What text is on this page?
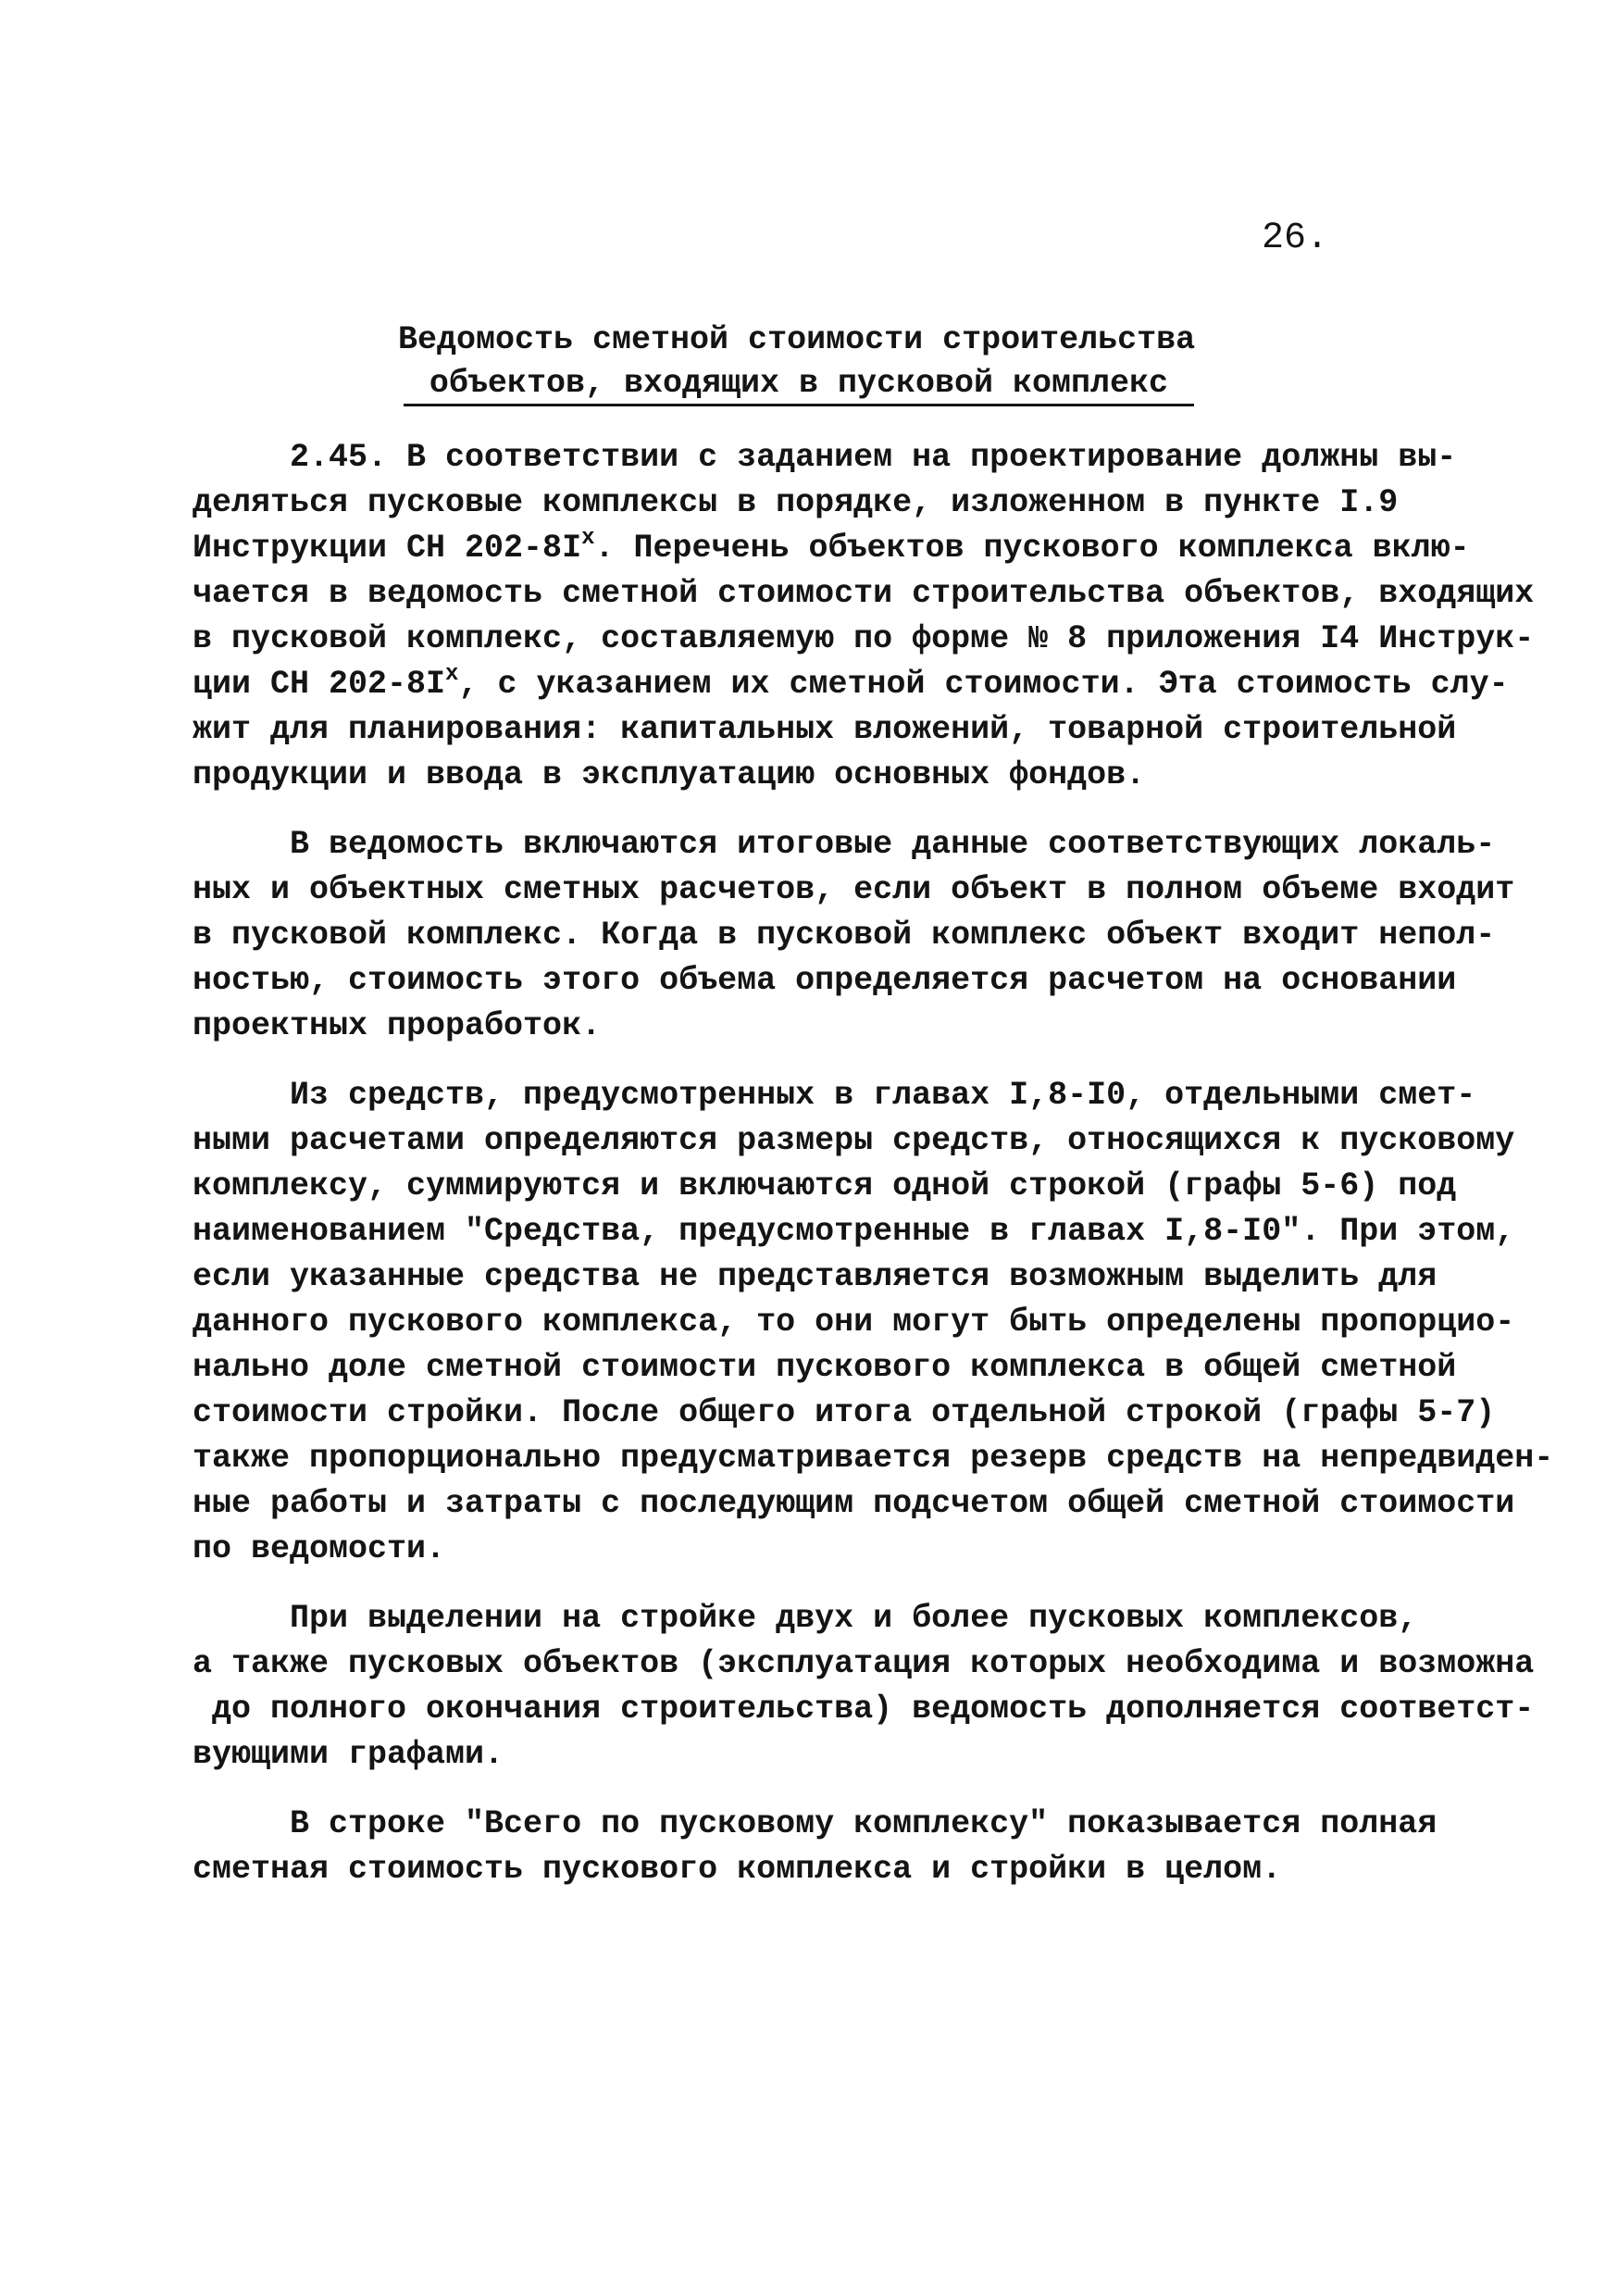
26.
Ведомость сметной стоимости строительства
объектов, входящих в пусковой комплекс
2.45. В соответствии с заданием на проектирование должны вы-
деляться пусковые комплексы в порядке, изложенном в пункте I.9
Инструкции СН $202-8I^х$. Перечень объектов пускового комплекса вклю-
чается в ведомость сметной стоимости строительства объектов, входящих
в пусковой комплекс, составляемую по форме № 8 приложения I4 Инструк-
ции СН $202-8I^х$, с указанием их сметной стоимости. Эта стоимость слу-
жит для планирования: капитальных вложений, товарной строительной
продукции и ввода в эксплуатацию основных фондов.
В ведомость включаются итоговые данные соответствующих локаль-
ных и объектных сметных расчетов, если объект в полном объеме входит
в пусковой комплекс. Когда в пусковой комплекс объект входит непол-
ностью, стоимость этого объема определяется расчетом на основании
проектных проработок.
Из средств, предусмотренных в главах I,8-I0, отдельными смет-
ными расчетами определяются размеры средств, относящихся к пусковому
комплексу, суммируются и включаются одной строкой (графы 5-6) под
наименованием "Средства, предусмотренные в главах I,8-I0". При этом,
если указанные средства не представляется возможным выделить для
данного пускового комплекса, то они могут быть определены пропорцио-
нально доле сметной стоимости пускового комплекса в общей сметной
стоимости стройки. После общего итога отдельной строкой (графы 5-7)
также пропорционально предусматривается резерв средств на непредвиден-
ные работы и затраты с последующим подсчетом общей сметной стоимости
по ведомости.
При выделении на стройке двух и более пусковых комплексов,
а также пусковых объектов (эксплуатация которых необходима и возможна
до полного окончания строительства) ведомость дополняется соответст-
вующими графами.
В строке "Всего по пусковому комплексу" показывается полная
сметная стоимость пускового комплекса и стройки в целом.
